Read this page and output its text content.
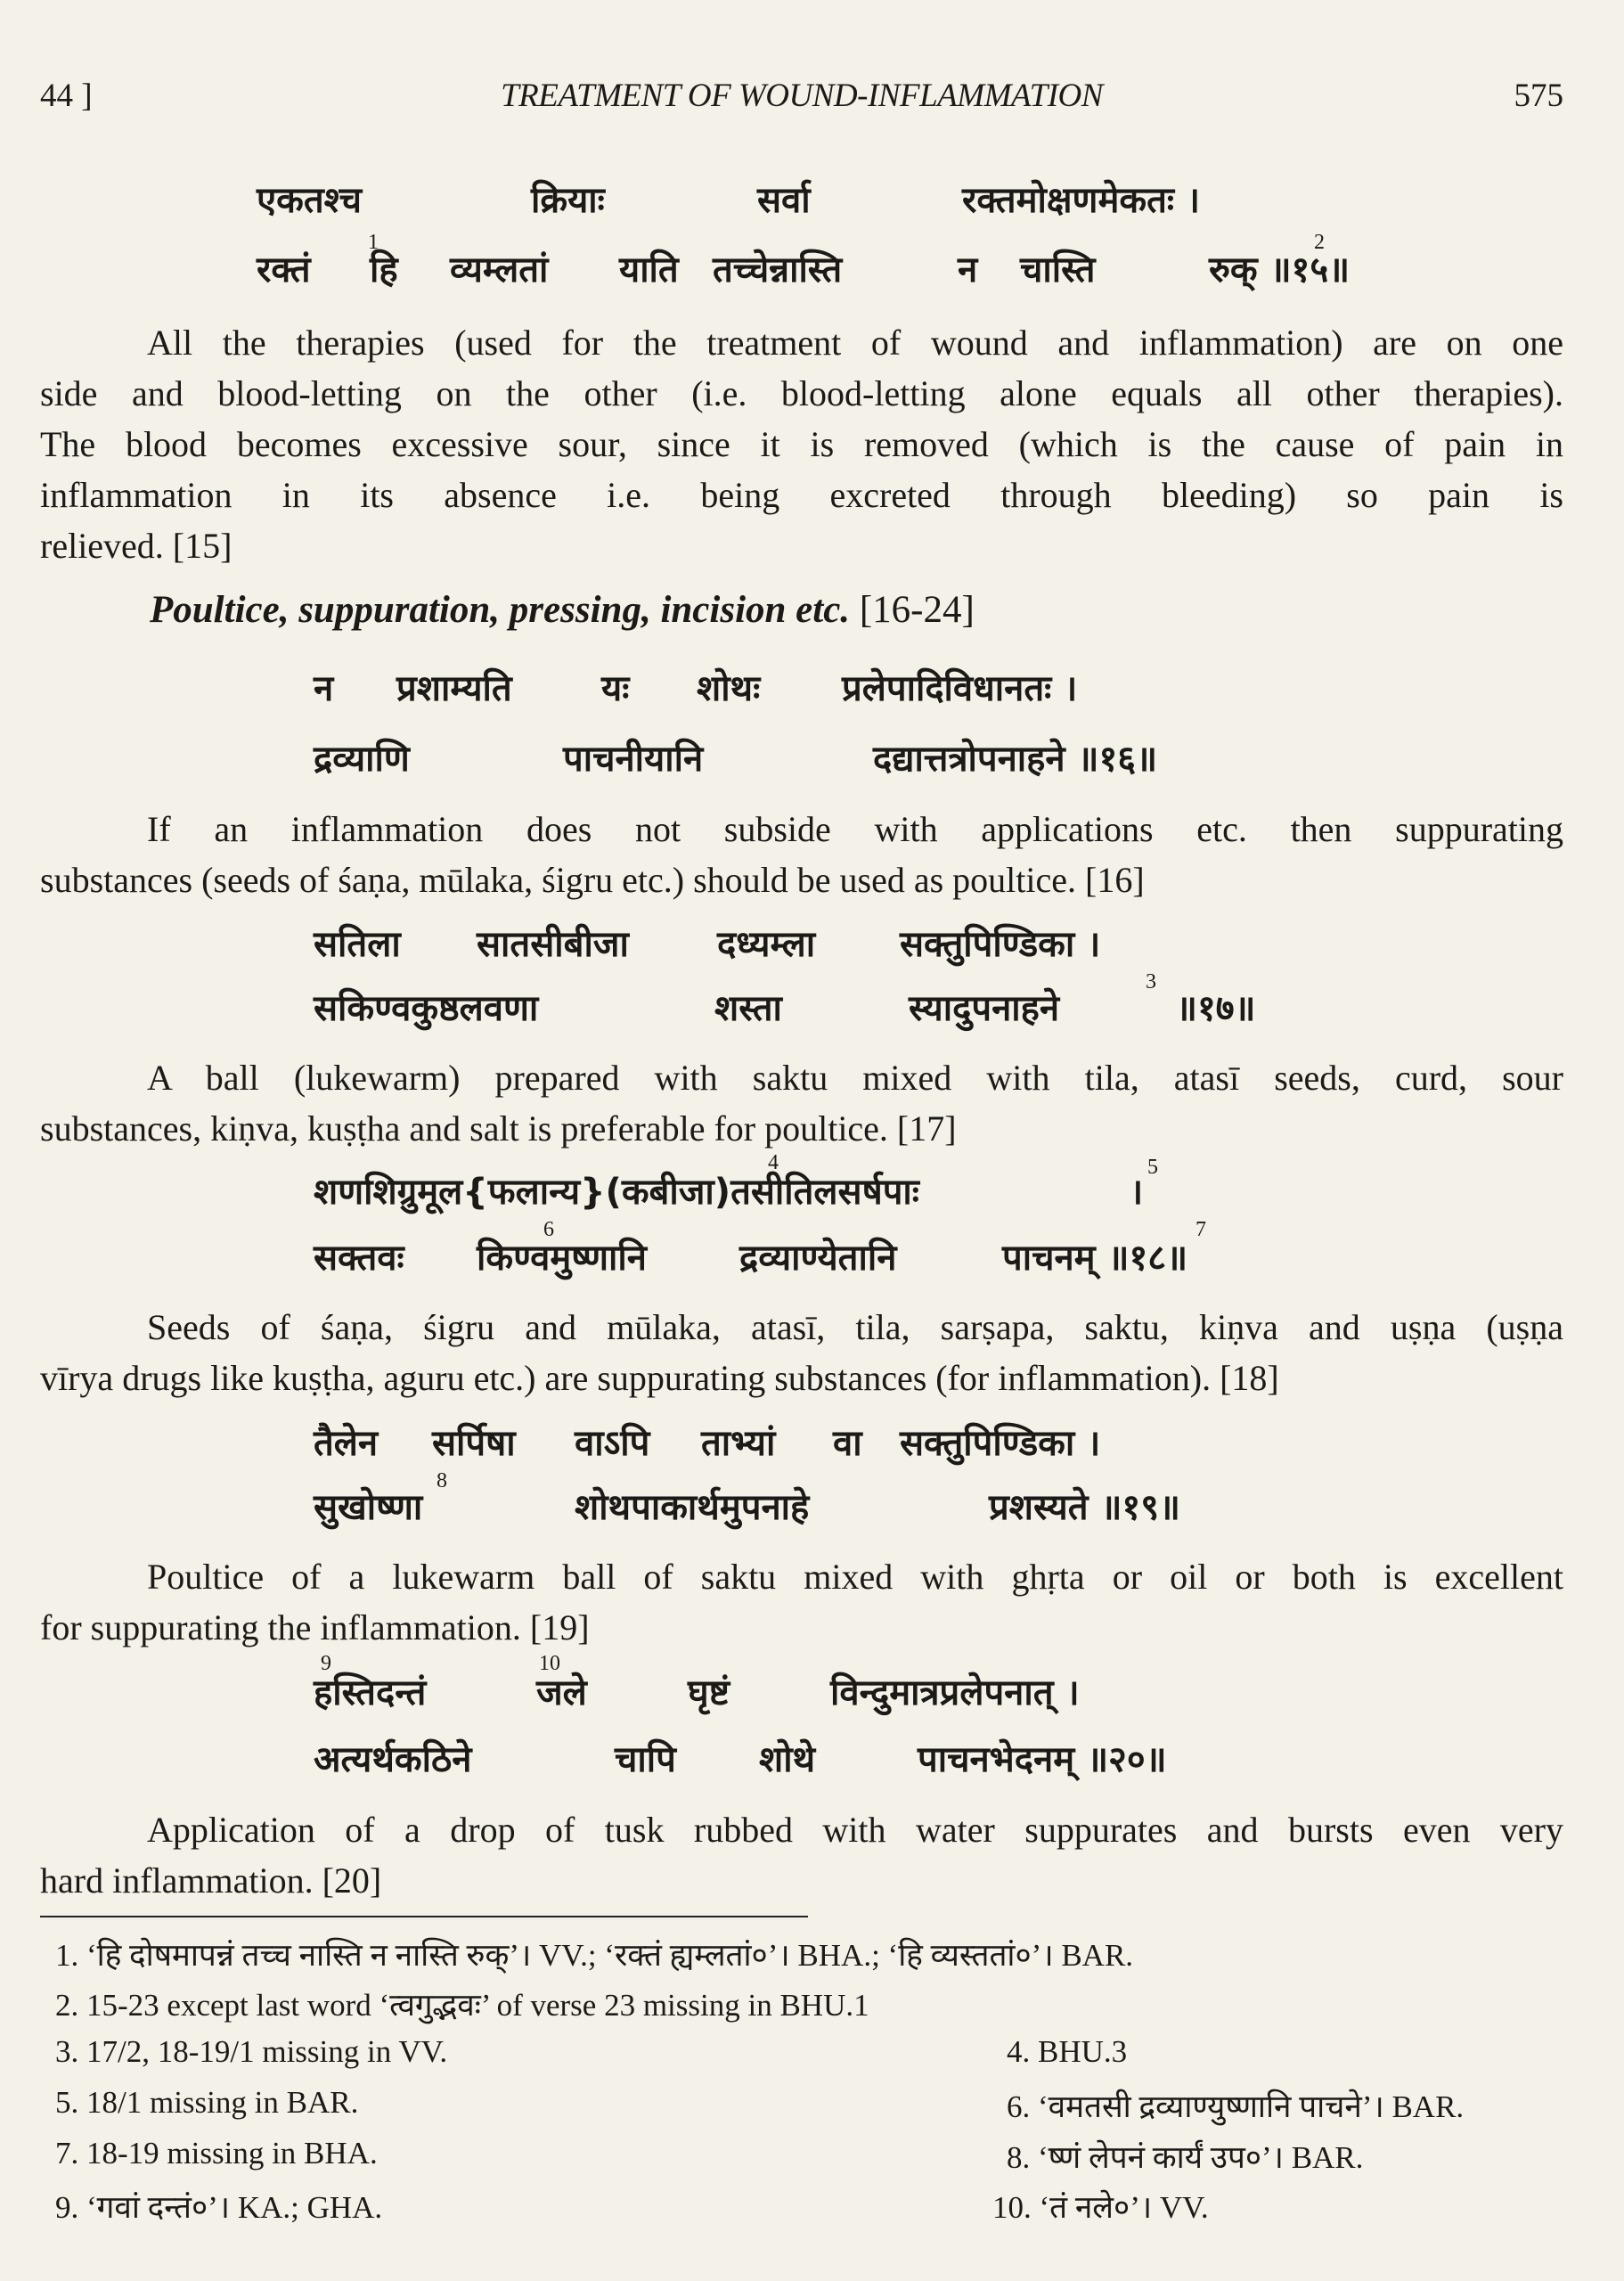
44 ]	TREATMENT OF WOUND-INFLAMMATION	575
एकतश्च	क्रियाः	सर्वा	रक्तमोक्षणमेकतः ।
1	2
रक्तं हि व्यम्लतां याति तच्चेन्नास्ति	न चास्ति	रुक् ॥१५॥
All the therapies (used for the treatment of wound and inflammation) are on one
side and blood-letting on the other (i.e. blood-letting alone equals all other therapies).
The blood becomes excessive sour, since it is removed (which is the cause of pain in
inflammation in its absence i.e. being excreted through bleeding) so pain is
relieved. [15]
Poultice, suppuration, pressing, incision etc. [16-24]
न प्रशाम्यति	यः शोथः प्रलेपादिविधानतः ।
द्रव्याणि	पाचनीयानि	दद्यात्तत्रोपनाहने ॥१६॥
If an inflammation does not subside with applications etc. then suppurating
substances (seeds of śaṇa, mūlaka, śigru etc.) should be used as poultice. [16]
सतिला सातसीबीजा दध्यम्ला सक्तुपिण्डिका ।
3
सकिण्वकुष्ठलवणा	शस्ता	स्यादुपनाहने	॥१७॥
A ball (lukewarm) prepared with saktu mixed with tila, atasī seeds, curd, sour
substances, kiṇva, kuṣṭha and salt is preferable for poultice. [17]
4	5
शणशिग्रुमूल{फलान्य}(कबीजा)तसीतिलसर्षपाः	।
6	7
सक्तवः किण्वमुष्णानि	द्रव्याण्येतानि	पाचनम् ॥१८॥
Seeds of śaṇa, śigru and mūlaka, atasī, tila, sarṣapa, saktu, kiṇva and uṣṇa (uṣṇa
vīrya drugs like kuṣṭha, aguru etc.) are suppurating substances (for inflammation). [18]
तैलेन सर्पिषा वाऽपि ताभ्यां वा सक्तुपिण्डिका ।
8
सुखोष्णा	शोथपाकार्थमुपनाहे	प्रशस्यते ॥१९॥
Poultice of a lukewarm ball of saktu mixed with ghṛta or oil or both is excellent
for suppurating the inflammation. [19]
9	10
हस्तिदन्तं	जले	घृष्टं	विन्दुमात्रप्रलेपनात् ।
अत्यर्थकठिने	चापि शोथे	पाचनभेदनम् ॥२०॥
Application of a drop of tusk rubbed with water suppurates and bursts even very
hard inflammation. [20]
1. ‘हि दोषमापन्नं तच्च नास्ति न नास्ति रुक्’। VV.; ‘रक्तं ह्यम्लतां०’। BHA.; ‘हि व्यस्ततां०’। BAR.
2. 15-23 except last word ‘त्वगुद्भवः’ of verse 23 missing in BHU.1
3. 17/2, 18-19/1 missing in VV.	4. BHU.3
5. 18/1 missing in BAR.	6. ‘वमतसी द्रव्याण्युष्णानि पाचने’। BAR.
7. 18-19 missing in BHA.	8. ‘ष्णं लेपनं कार्यं उप०’। BAR.
9. ‘गवां दन्तं०’। KA.; GHA.	10. ‘तं नले०’। VV.
